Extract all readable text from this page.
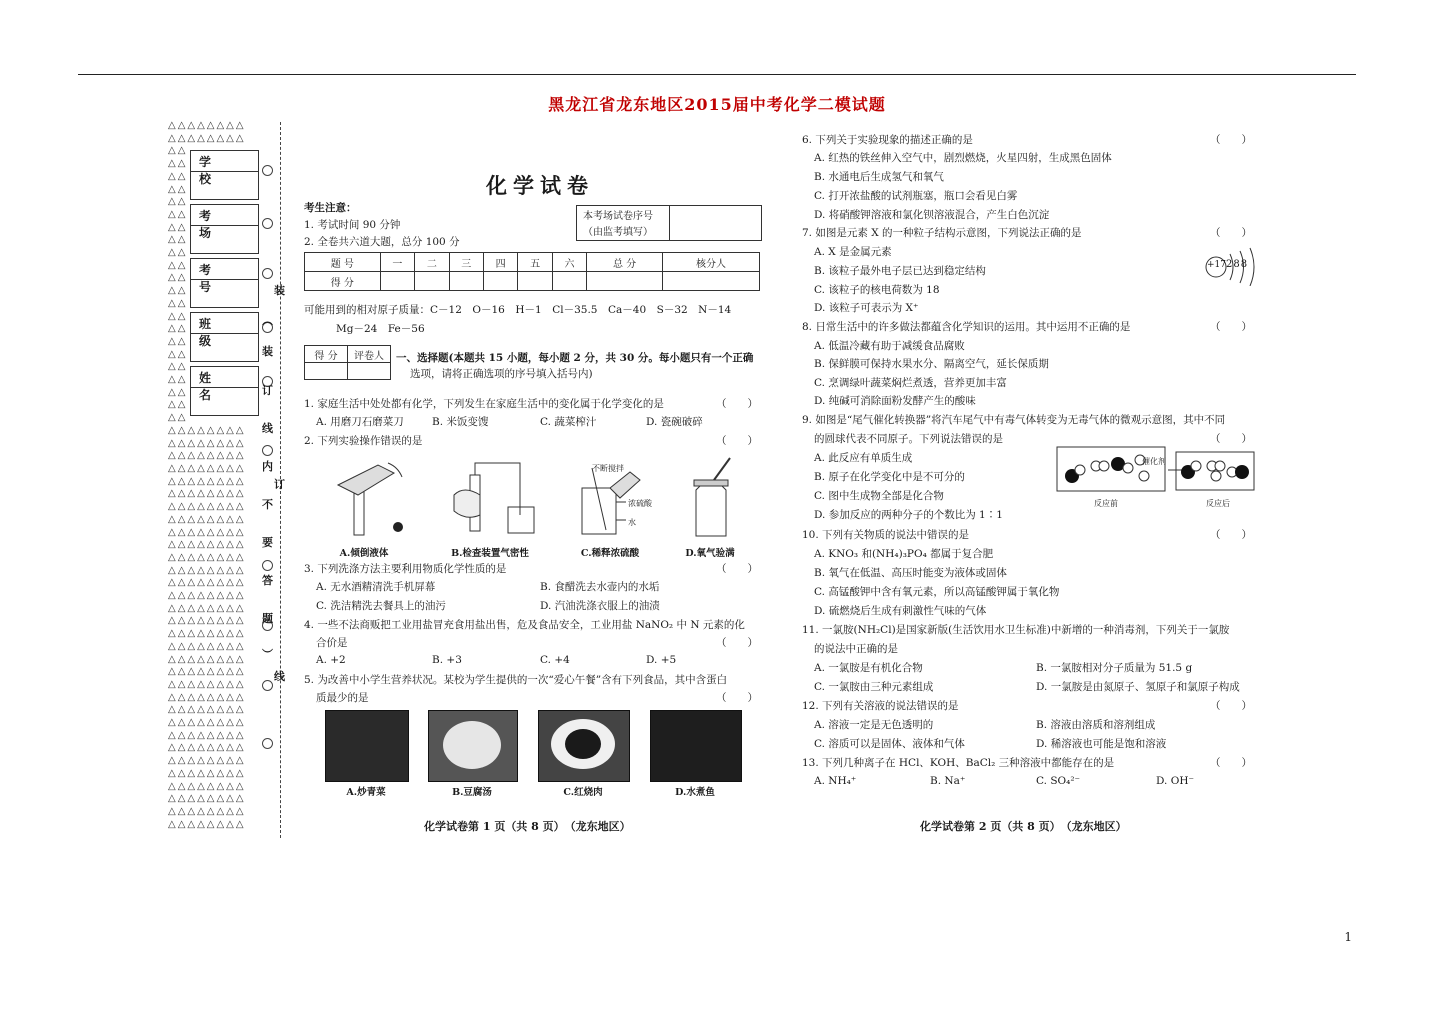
黑龙江省龙东地区2015届中考化学二模试题
△△△△△△△△
△△△△△△△△
△△
△△
△△
△△
△△
△△
△△
△△
△△
△△
△△
△△
△△
△△
△△
△△
△△
△△
△△
△△
△△
△△
△△△△△△△△
△△△△△△△△
△△△△△△△△
△△△△△△△△
△△△△△△△△
△△△△△△△△
△△△△△△△△
△△△△△△△△
△△△△△△△△
△△△△△△△△
△△△△△△△△
△△△△△△△△
△△△△△△△△
△△△△△△△△
△△△△△△△△
△△△△△△△△
△△△△△△△△
△△△△△△△△
△△△△△△△△
△△△△△△△△
△△△△△△△△
△△△△△△△△
△△△△△△△△
△△△△△△△△
△△△△△△△△
△△△△△△△△
△△△△△△△△
△△△△△△△△
△△△△△△△△
△△△△△△△△
△△△△△△△△
△△△△△△△△
学 校
考 场
考 号
班 级
姓 名
装
︵
装
订
线
内
订
不
要
答
题
︶
线
化学试卷
考生注意：
1. 考试时间 90 分钟
2. 全卷共六道大题，总分 100 分
本考场试卷序号
（由监考填写）
题 号	一	二	三	四	五	六	总 分	核分人
得 分								
可能用到的相对原子质量：C－12　O－16　H－1　Cl－35.5　Ca－40　S－32　N－14
Mg－24　Fe－56
得 分	评卷人
	一、选择题(本题共 15 小题，每小题 2 分，共 30 分。每小题只有一个正确
选项，请将正确选项的序号填入括号内)
1. 家庭生活中处处都有化学，下列发生在家庭生活中的变化属于化学变化的是	（　　）
A. 用磨刀石磨菜刀	B. 米饭变馊	C. 蔬菜榨汁	D. 瓷碗破碎
2. 下列实验操作错误的是	（　　）
不断搅拌
浓硫酸
水
A.倾倒液体	B.检查装置气密性	C.稀释浓硫酸	D.氧气验满
3. 下列洗涤方法主要利用物质化学性质的是	（　　）
A. 无水酒精清洗手机屏幕	B. 食醋洗去水壶内的水垢
C. 洗洁精洗去餐具上的油污	D. 汽油洗涤衣服上的油渍
4. 一些不法商贩把工业用盐冒充食用盐出售，危及食品安全，工业用盐 NaNO₂ 中 N 元素的化
合价是	（　　）
A. +2	B. +3	C. +4	D. +5
5. 为改善中小学生营养状况。某校为学生提供的一次“爱心午餐”含有下列食品，其中含蛋白
质最少的是	（　　）
A.炒青菜	B.豆腐汤	C.红烧肉	D.水煮鱼
化学试卷第 1 页（共 8 页）　（龙东地区）
6. 下列关于实验现象的描述正确的是	（　　）
A. 红热的铁丝伸入空气中，剧烈燃烧，火星四射，生成黑色固体
B. 水通电后生成氢气和氧气
C. 打开浓盐酸的试剂瓶塞，瓶口会看见白雾
D. 将硝酸钾溶液和氯化钡溶液混合，产生白色沉淀
7. 如图是元素 X 的一种粒子结构示意图，下列说法正确的是	（　　）
A. X 是金属元素
B. 该粒子最外电子层已达到稳定结构
C. 该粒子的核电荷数为 18
D. 该粒子可表示为 X⁺
+17 288
8. 日常生活中的许多做法都蕴含化学知识的运用。其中运用不正确的是	（　　）
A. 低温冷藏有助于减缓食品腐败
B. 保鲜膜可保持水果水分、隔离空气，延长保质期
C. 烹调绿叶蔬菜焖烂煮透，营养更加丰富
D. 纯碱可消除面粉发酵产生的酸味
9. 如图是“尾气催化转换器”将汽车尾气中有毒气体转变为无毒气体的微观示意图，其中不同
的圆球代表不同原子。下列说法错误的是	（　　）
A. 此反应有单质生成
B. 原子在化学变化中是不可分的
C. 图中生成物全部是化合物
D. 参加反应的两种分子的个数比为 1∶1
催化剂
反应前	反应后
10. 下列有关物质的说法中错误的是	（　　）
A. KNO₃ 和(NH₄)₃PO₄ 都属于复合肥
B. 氧气在低温、高压时能变为液体或固体
C. 高锰酸钾中含有氧元素，所以高锰酸钾属于氧化物
D. 硫燃烧后生成有刺激性气味的气体
11. 一氯胺(NH₂Cl)是国家新版(生活饮用水卫生标准)中新增的一种消毒剂，下列关于一氯胺
的说法中正确的是
A. 一氯胺是有机化合物	B. 一氯胺相对分子质量为 51.5 g
C. 一氯胺由三种元素组成	D. 一氯胺是由氮原子、氢原子和氯原子构成
12. 下列有关溶液的说法错误的是	（　　）
A. 溶液一定是无色透明的	B. 溶液由溶质和溶剂组成
C. 溶质可以是固体、液体和气体	D. 稀溶液也可能是饱和溶液
13. 下列几种离子在 HCl、KOH、BaCl₂ 三种溶液中都能存在的是	（　　）
A. NH₄⁺	B. Na⁺	C. SO₄²⁻	D. OH⁻
化学试卷第 2 页（共 8 页）　（龙东地区）
1
